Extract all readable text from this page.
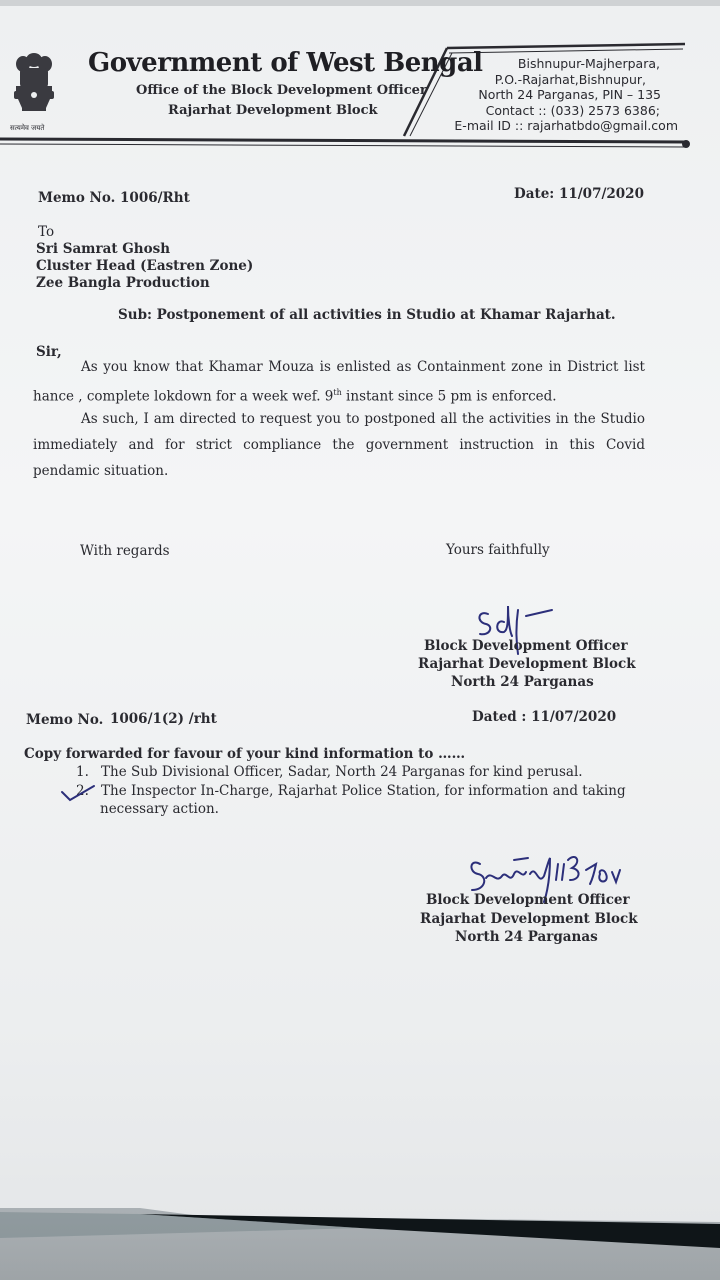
सत्यमेव जयते
Government of West Bengal
Office of the Block Development Officer
Rajarhat Development Block
Bishnupur-Majherpara,
P.O.-Rajarhat,Bishnupur,
North 24 Parganas, PIN – 135
Contact :: (033) 2573 6386;
E-mail ID :: rajarhatbdo@gmail.com
Memo No. 1006/Rht	Date: 11/07/2020
To
Sri Samrat Ghosh
Cluster Head (Eastren Zone)
Zee Bangla Production
Sub: Postponement of all activities in Studio at Khamar Rajarhat.
Sir,
As you know that Khamar Mouza is enlisted as Containment zone in District list hance , complete lokdown for a week wef. 9th instant since 5 pm is enforced.
As such, I am directed to request you to postponed all the activities in the Studio immediately and for strict compliance the government instruction in this Covid pendamic situation.
With regards	Yours faithfully
Block Development Officer
Rajarhat Development Block
North 24 Parganas
Memo No. 1006/1(2) /rht	Dated : 11/07/2020
Copy forwarded for favour of your kind information to ……
1. The Sub Divisional Officer, Sadar, North 24 Parganas for kind perusal.
2. The Inspector In-Charge, Rajarhat Police Station, for information and taking
necessary action.
Block Development Officer
Rajarhat Development Block
North 24 Parganas
